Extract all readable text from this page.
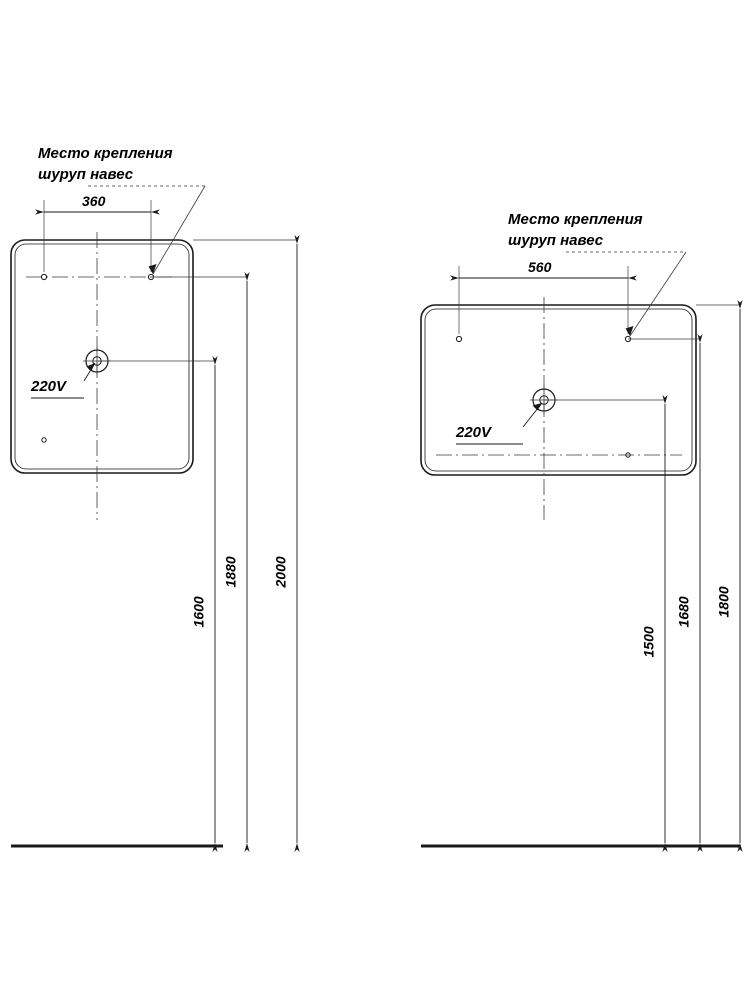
Место крепления
шуруп навес
360
220V
1600
1880 2000
Место крепления
шуруп навес
560
220V
1500
1680 1800
